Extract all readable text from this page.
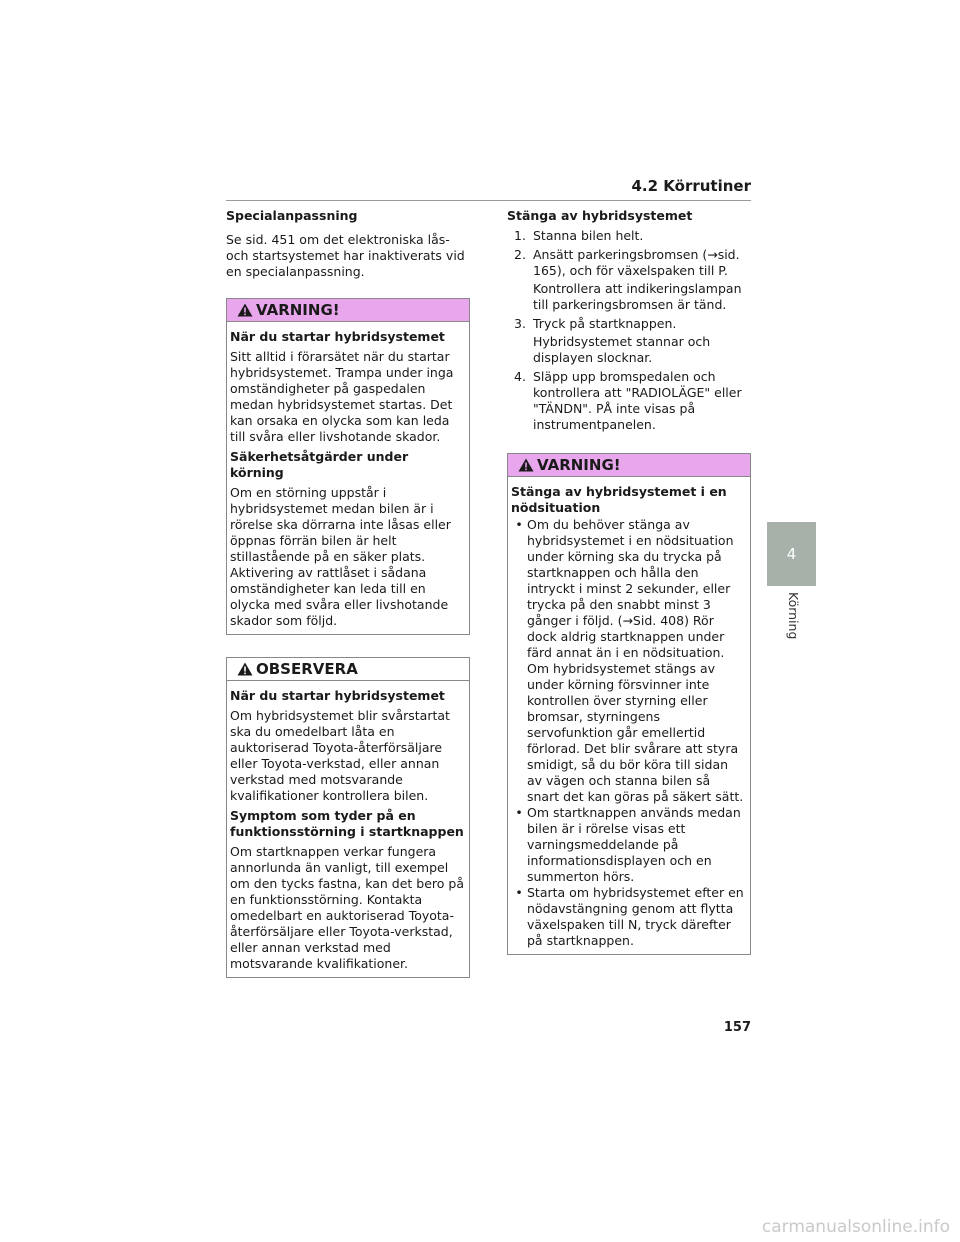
4.2 Körrutiner
4
Körning
Specialanpassning

Se sid. 451 om det elektroniska lås- och startsystemet har inaktiverats vid en specialanpassning.

VARNING!
När du startar hybridsystemet

Sitt alltid i förarsätet när du startar hybridsystemet. Trampa under inga omständigheter på gaspedalen medan hybridsystemet startas. Det kan orsaka en olycka som kan leda till svåra eller livshotande skador.

Säkerhetsåtgärder under körning

Om en störning uppstår i hybridsystemet medan bilen är i rörelse ska dörrarna inte låsas eller öppnas förrän bilen är helt stillastående på en säker plats. Aktivering av rattlåset i sådana omständigheter kan leda till en olycka med svåra eller livshotande skador som följd.

OBSERVERA
När du startar hybridsystemet

Om hybridsystemet blir svårstartat ska du omedelbart låta en auktoriserad Toyota-återförsäljare eller Toyota-verkstad, eller annan verkstad med motsvarande kvalifikationer kontrollera bilen.

Symptom som tyder på en funktionsstörning i startknappen

Om startknappen verkar fungera annorlunda än vanligt, till exempel om den tycks fastna, kan det bero på en funktionsstörning. Kontakta omedelbart en auktoriserad Toyota-återförsäljare eller Toyota-verkstad, eller annan verkstad med motsvarande kvalifikationer.

Stänga av hybridsystemet
1. Stanna bilen helt.
2. Ansätt parkeringsbromsen (→sid. 165), och för växelspaken till P.
Kontrollera att indikeringslampan till parkeringsbromsen är tänd.
3. Tryck på startknappen.
Hybridsystemet stannar och displayen slocknar.
4. Släpp upp bromspedalen och kontrollera att "RADIOLÄGE" eller "TÄNDN". PÅ inte visas på instrumentpanelen.
VARNING!
Stänga av hybridsystemet i en nödsituation
• Om du behöver stänga av hybridsystemet i en nödsituation under körning ska du trycka på startknappen och hålla den intryckt i minst 2 sekunder, eller trycka på den snabbt minst 3 gånger i följd. (→Sid. 408) Rör dock aldrig startknappen under färd annat än i en nödsituation. Om hybridsystemet stängs av under körning försvinner inte kontrollen över styrning eller bromsar, styrningens servofunktion går emellertid förlorad. Det blir svårare att styra smidigt, så du bör köra till sidan av vägen och stanna bilen så snart det kan göras på säkert sätt.
• Om startknappen används medan bilen är i rörelse visas ett varningsmeddelande på informationsdisplayen och en summerton hörs.
• Starta om hybridsystemet efter en nödavstängning genom att flytta växelspaken till N, tryck därefter på startknappen.
157
carmanualsonline.info
